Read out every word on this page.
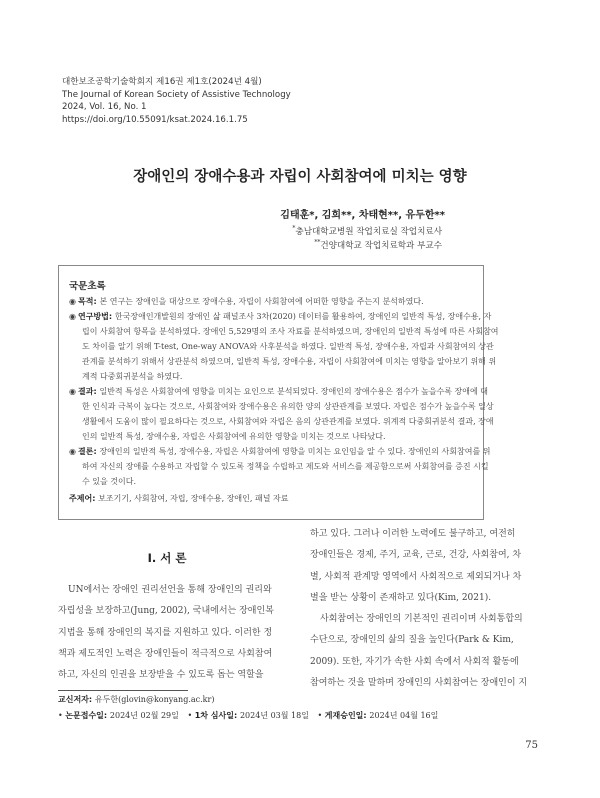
대한보조공학기술학회지 제16권 제1호(2024년 4월)
The Journal of Korean Society of Assistive Technology
2024, Vol. 16, No. 1
https://doi.org/10.55091/ksat.2024.16.1.75
장애인의 장애수용과 자립이 사회참여에 미치는 영향
김태훈*, 김희**, 차태현**, 유두한**
*충남대학교병원 작업치료실 작업치료사
**건양대학교 작업치료학과 부교수
국문초록
◉ 목적: 본 연구는 장애인을 대상으로 장애수용, 자립이 사회참여에 어떠한 영향을 주는지 분석하였다.
◉ 연구방법: 한국장애인개발원의 장애인 삶 패널조사 3차(2020) 데이터를 활용하여, 장애인의 일반적 특성, 장애수용, 자
립이 사회참여 항목을 분석하였다. 장애인 5,529명의 조사 자료를 분석하였으며, 장애인의 일반적 특성에 따른 사회참여
도 차이를 알기 위해 T-test, One-way ANOVA와 사후분석을 하였다. 일반적 특성, 장애수용, 자립과 사회참여의 상관
관계를 분석하기 위해서 상관분석 하였으며, 일반적 특성, 장애수용, 자립이 사회참여에 미치는 영향을 알아보기 위해 위
계적 다중회귀분석을 하였다.
◉ 결과: 일반적 특성은 사회참여에 영향을 미치는 요인으로 분석되었다. 장애인의 장애수용은 점수가 높을수록 장애에 대
한 인식과 극복이 높다는 것으로, 사회참여와 장애수용은 유의한 양의 상관관계를 보였다. 자립은 점수가 높을수록 일상
생활에서 도움이 많이 필요하다는 것으로, 사회참여와 자립은 음의 상관관계를 보였다. 위계적 다중회귀분석 결과, 장애
인의 일반적 특성, 장애수용, 자립은 사회참여에 유의한 영향을 미치는 것으로 나타났다.
◉ 결론: 장애인의 일반적 특성, 장애수용, 자립은 사회참여에 영향을 미치는 요인임을 알 수 있다. 장애인의 사회참여를 위
하여 자신의 장애를 수용하고 자립할 수 있도록 정책을 수립하고 제도와 서비스를 제공함으로써 사회참여를 증진 시킬
수 있을 것이다.
주제어: 보조기기, 사회참여, 자립, 장애수용, 장애인, 패널 자료
I. 서 론
UN에서는 장애인 권리선언을 통해 장애인의 권리와
자립성을 보장하고(Jung, 2002), 국내에서는 장애인복
지법을 통해 장애인의 복지를 지원하고 있다. 이러한 정
책과 제도적인 노력은 장애인들이 적극적으로 사회참여
하고, 자신의 인권을 보장받을 수 있도록 돕는 역할을
하고 있다. 그러나 이러한 노력에도 불구하고, 여전히
장애인들은 경제, 주거, 교육, 근로, 건강, 사회참여, 차
별, 사회적 관계망 영역에서 사회적으로 제외되거나 차
별을 받는 상황이 존재하고 있다(Kim, 2021).
사회참여는 장애인의 기본적인 권리이며 사회통합의
수단으로, 장애인의 삶의 질을 높인다(Park & Kim,
2009). 또한, 자기가 속한 사회 속에서 사회적 활동에
참여하는 것을 말하며 장애인의 사회참여는 장애인이 지
교신저자: 유두한(glovin@konyang.ac.kr)
• 논문접수일: 2024년 02월 29일 • 1차 심사일: 2024년 03월 18일 • 게재승인일: 2024년 04월 16일
75
